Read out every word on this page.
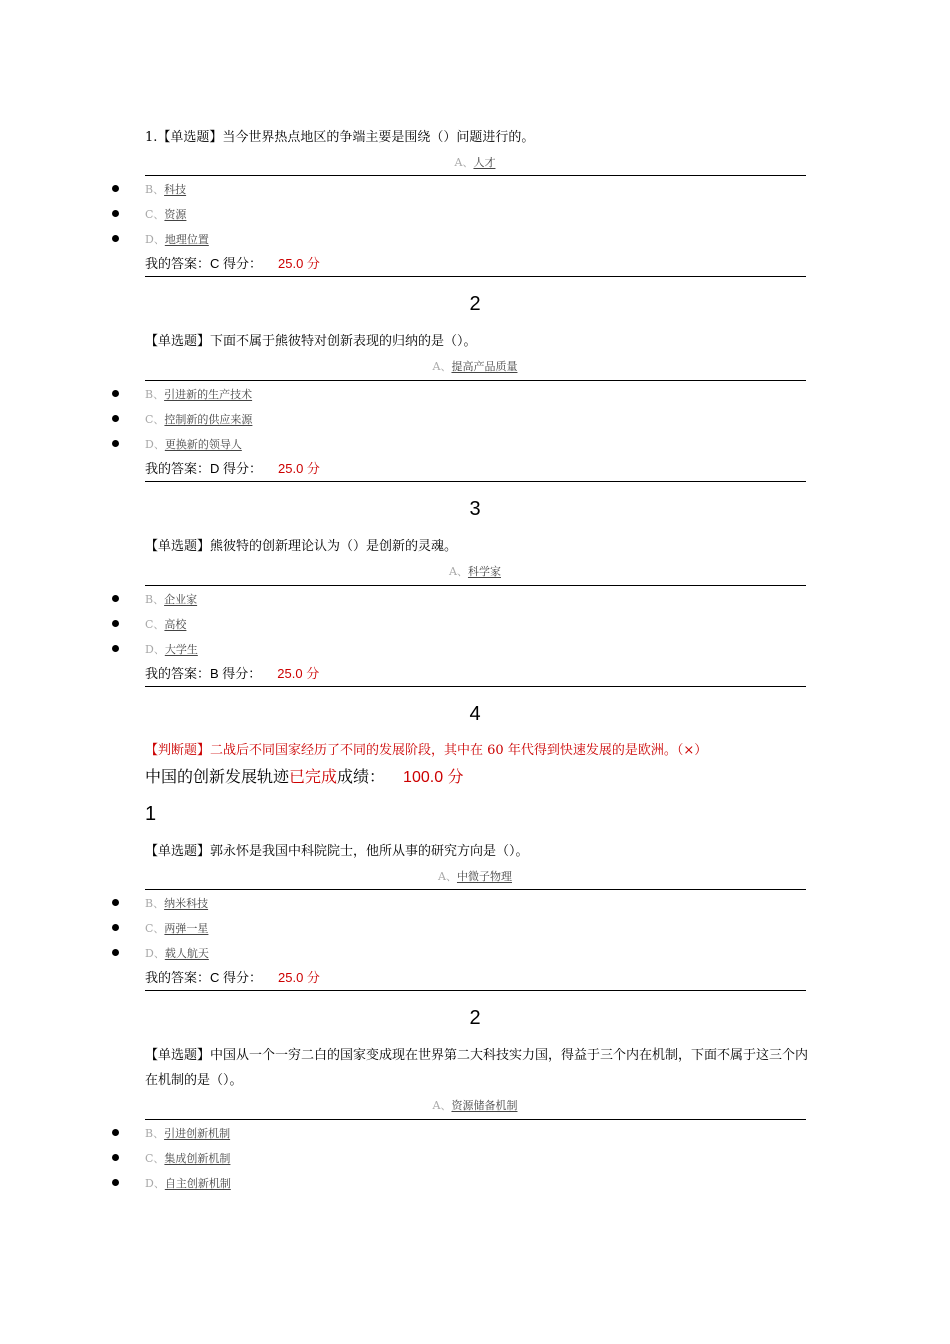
1.【单选题】当今世界热点地区的争端主要是围绕（）问题进行的。
A、人才
B、科技
C、资源
D、地理位置
我的答案：C 得分： 25.0 分
2
【单选题】下面不属于熊彼特对创新表现的归纳的是（）。
A、提高产品质量
B、引进新的生产技术
C、控制新的供应来源
D、更换新的领导人
我的答案：D 得分： 25.0 分
3
【单选题】熊彼特的创新理论认为（）是创新的灵魂。
A、科学家
B、企业家
C、高校
D、大学生
我的答案：B 得分： 25.0 分
4
【判断题】二战后不同国家经历了不同的发展阶段，其中在 60 年代得到快速发展的是欧洲。（×）
中国的创新发展轨迹已完成成绩： 100.0 分
1
【单选题】郭永怀是我国中科院院士，他所从事的研究方向是（）。
A、中微子物理
B、纳米科技
C、两弹一星
D、载人航天
我的答案：C 得分： 25.0 分
2
【单选题】中国从一个一穷二白的国家变成现在世界第二大科技实力国，得益于三个内在机制，下面不属于这三个内在机制的是（）。
A、资源储备机制
B、引进创新机制
C、集成创新机制
D、自主创新机制
